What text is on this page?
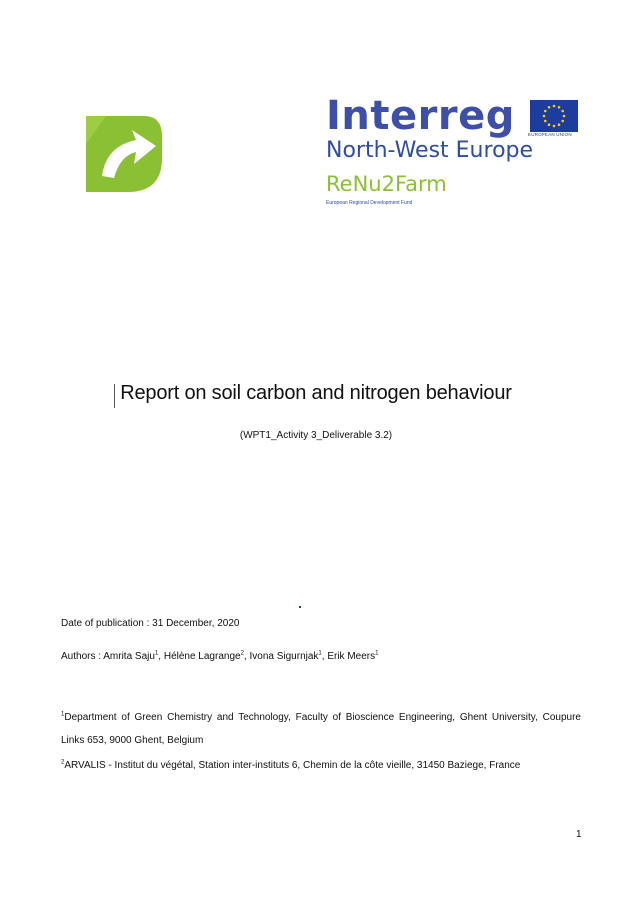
Interreg	EUROPEAN UNION
North-West Europe
ReNu2Farm
European Regional Development Fund
Report on soil carbon and nitrogen behaviour
(WPT1_Activity 3_Deliverable 3.2)
Date of publication : 31 December, 2020
Authors : Amrita Saju$^1$, Hélène Lagrange$^2$, Ivona Sigurnjak$^1$, Erik Meers$^1$
$^1$Department of Green Chemistry and Technology, Faculty of Bioscience Engineering, Ghent University, Coupure Links 653, 9000 Ghent, Belgium
$^2$ARVALIS - Institut du végétal, Station inter-instituts 6, Chemin de la côte vieille, 31450 Baziege, France
1
